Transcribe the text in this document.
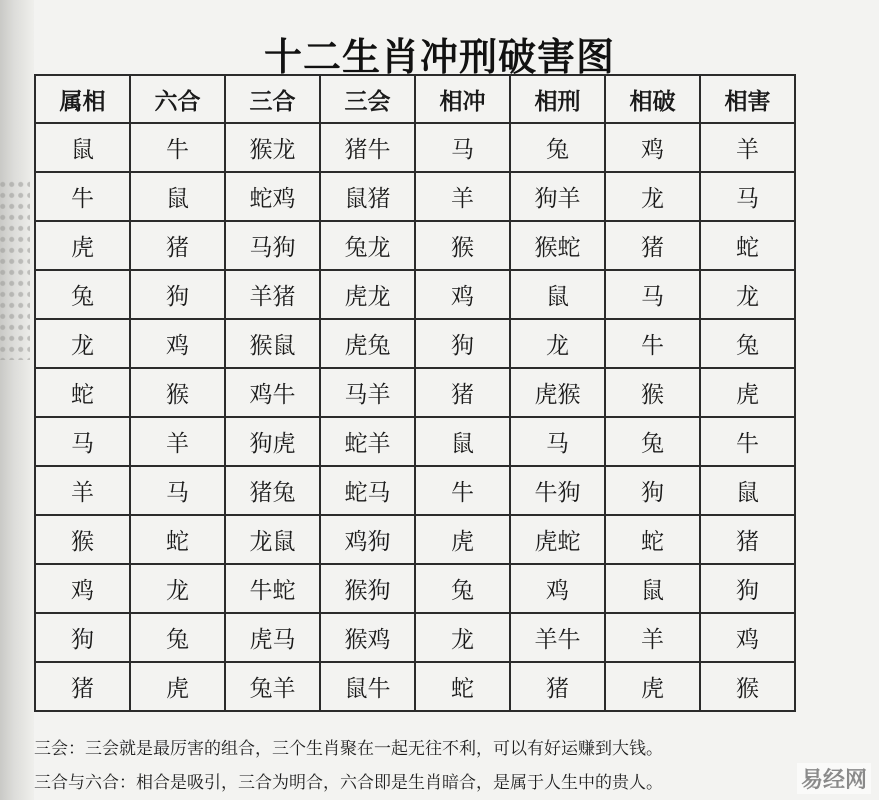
十二生肖冲刑破害图
属相	六合	三合	三会	相冲	相刑	相破	相害
鼠	牛	猴龙	猪牛	马	兔	鸡	羊
牛	鼠	蛇鸡	鼠猪	羊	狗羊	龙	马
虎	猪	马狗	兔龙	猴	猴蛇	猪	蛇
兔	狗	羊猪	虎龙	鸡	鼠	马	龙
龙	鸡	猴鼠	虎兔	狗	龙	牛	兔
蛇	猴	鸡牛	马羊	猪	虎猴	猴	虎
马	羊	狗虎	蛇羊	鼠	马	兔	牛
羊	马	猪兔	蛇马	牛	牛狗	狗	鼠
猴	蛇	龙鼠	鸡狗	虎	虎蛇	蛇	猪
鸡	龙	牛蛇	猴狗	兔	鸡	鼠	狗
狗	兔	虎马	猴鸡	龙	羊牛	羊	鸡
猪	虎	兔羊	鼠牛	蛇	猪	虎	猴
三会：三会就是最厉害的组合，三个生肖聚在一起无往不利，可以有好运赚到大钱。
三合与六合：相合是吸引，三合为明合，六合即是生肖暗合，是属于人生中的贵人。	易经网
